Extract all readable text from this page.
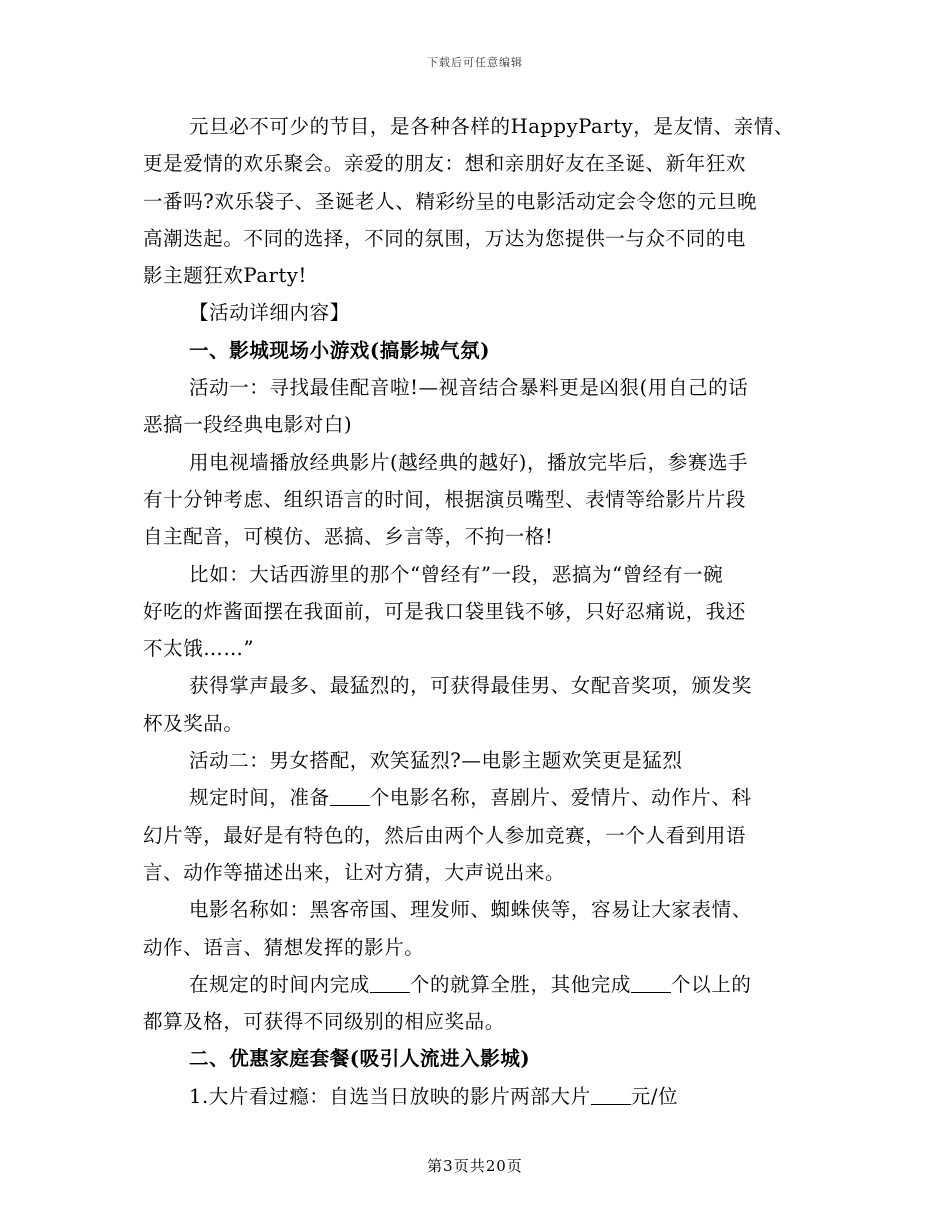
下载后可任意编辑
元旦必不可少的节目，是各种各样的HappyParty，是友情、亲情、
更是爱情的欢乐聚会。亲爱的朋友：想和亲朋好友在圣诞、新年狂欢
一番吗?欢乐袋子、圣诞老人、精彩纷呈的电影活动定会令您的元旦晚
高潮迭起。不同的选择，不同的氛围，万达为您提供一与众不同的电
影主题狂欢Party!
【活动详细内容】
一、影城现场小游戏(搞影城气氛)
活动一：寻找最佳配音啦!—视音结合暴料更是凶狠(用自己的话
恶搞一段经典电影对白)
用电视墙播放经典影片(越经典的越好)，播放完毕后，参赛选手
有十分钟考虑、组织语言的时间，根据演员嘴型、表情等给影片片段
自主配音，可模仿、恶搞、乡言等，不拘一格!
比如：大话西游里的那个“曾经有”一段，恶搞为“曾经有一碗
好吃的炸酱面摆在我面前，可是我口袋里钱不够，只好忍痛说，我还
不太饿……”
获得掌声最多、最猛烈的，可获得最佳男、女配音奖项，颁发奖
杯及奖品。
活动二：男女搭配，欢笑猛烈?—电影主题欢笑更是猛烈
规定时间，准备 个电影名称，喜剧片、爱情片、动作片、科
幻片等，最好是有特色的，然后由两个人参加竞赛，一个人看到用语
言、动作等描述出来，让对方猜，大声说出来。
电影名称如：黑客帝国、理发师、蜘蛛侠等，容易让大家表情、
动作、语言、猜想发挥的影片。
在规定的时间内完成 个的就算全胜，其他完成 个以上的
都算及格，可获得不同级别的相应奖品。
二、优惠家庭套餐(吸引人流进入影城)
1.大片看过瘾：自选当日放映的影片两部大片 元/位
第3页共20页
